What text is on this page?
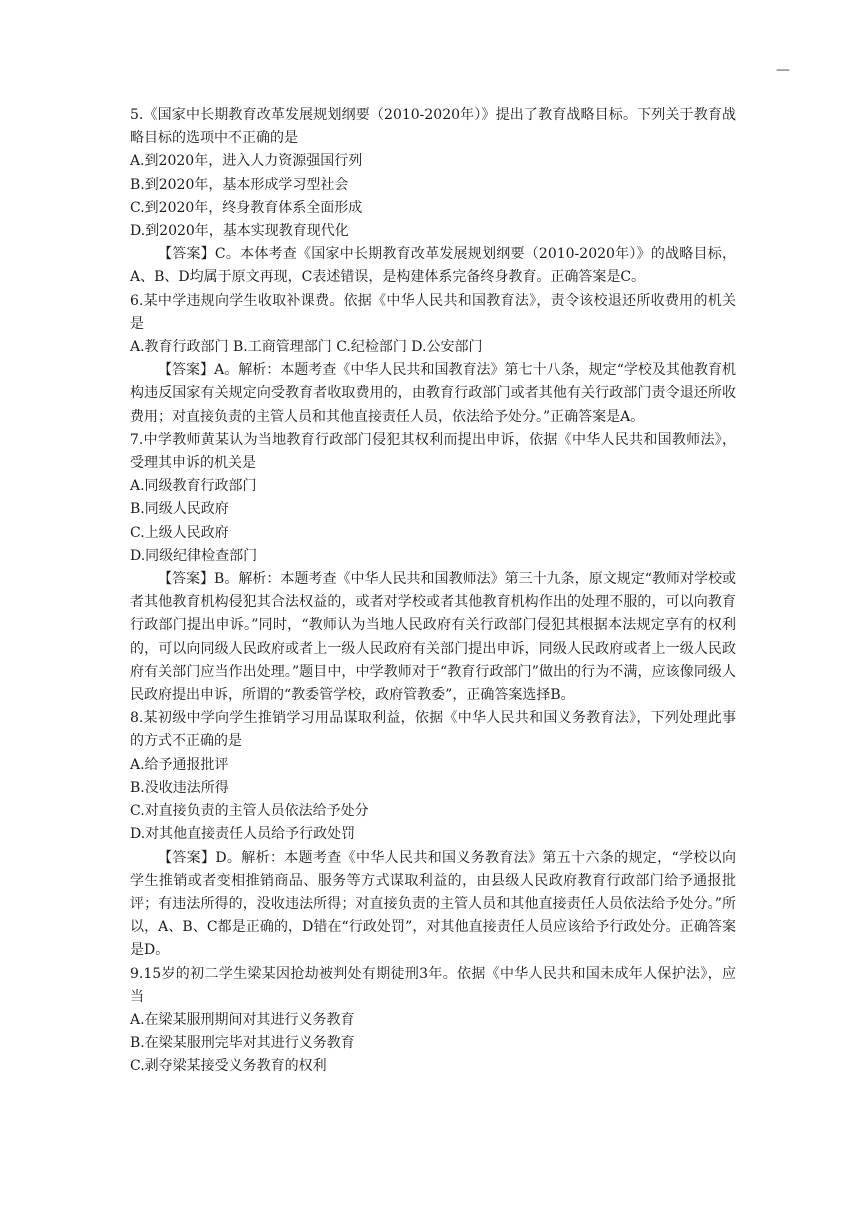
—
5.《国家中长期教育改革发展规划纲要（2010-2020年）》提出了教育战略目标。下列关于教育战略目标的选项中不正确的是
A.到2020年，进入人力资源强国行列
B.到2020年，基本形成学习型社会
C.到2020年，终身教育体系全面形成
D.到2020年，基本实现教育现代化
【答案】C。本体考查《国家中长期教育改革发展规划纲要（2010-2020年）》的战略目标，A、B、D均属于原文再现，C表述错误，是构建体系完备终身教育。正确答案是C。
6.某中学违规向学生收取补课费。依据《中华人民共和国教育法》，责令该校退还所收费用的机关是
A.教育行政部门 B.工商管理部门 C.纪检部门 D.公安部门
【答案】A。解析：本题考查《中华人民共和国教育法》第七十八条，规定“学校及其他教育机构违反国家有关规定向受教育者收取费用的，由教育行政部门或者其他有关行政部门责令退还所收费用；对直接负责的主管人员和其他直接责任人员，依法给予处分。”正确答案是A。
7.中学教师黄某认为当地教育行政部门侵犯其权利而提出申诉，依据《中华人民共和国教师法》，受理其申诉的机关是
A.同级教育行政部门
B.同级人民政府
C.上级人民政府
D.同级纪律检查部门
【答案】B。解析：本题考查《中华人民共和国教师法》第三十九条，原文规定“教师对学校或者其他教育机构侵犯其合法权益的，或者对学校或者其他教育机构作出的处理不服的，可以向教育行政部门提出申诉。”同时，“教师认为当地人民政府有关行政部门侵犯其根据本法规定享有的权利的，可以向同级人民政府或者上一级人民政府有关部门提出申诉，同级人民政府或者上一级人民政府有关部门应当作出处理。”题目中，中学教师对于“教育行政部门”做出的行为不满，应该像同级人民政府提出申诉，所谓的“教委管学校，政府管教委”，正确答案选择B。
8.某初级中学向学生推销学习用品谋取利益，依据《中华人民共和国义务教育法》，下列处理此事的方式不正确的是
A.给予通报批评
B.没收违法所得
C.对直接负责的主管人员依法给予处分
D.对其他直接责任人员给予行政处罚
【答案】D。解析：本题考查《中华人民共和国义务教育法》第五十六条的规定，“学校以向学生推销或者变相推销商品、服务等方式谋取利益的，由县级人民政府教育行政部门给予通报批评；有违法所得的，没收违法所得；对直接负责的主管人员和其他直接责任人员依法给予处分。”所以，A、B、C都是正确的，D错在“行政处罚”，对其他直接责任人员应该给予行政处分。正确答案是D。
9.15岁的初二学生梁某因抢劫被判处有期徒刑3年。依据《中华人民共和国未成年人保护法》，应当
A.在梁某服刑期间对其进行义务教育
B.在梁某服刑完毕对其进行义务教育
C.剥夺梁某接受义务教育的权利
